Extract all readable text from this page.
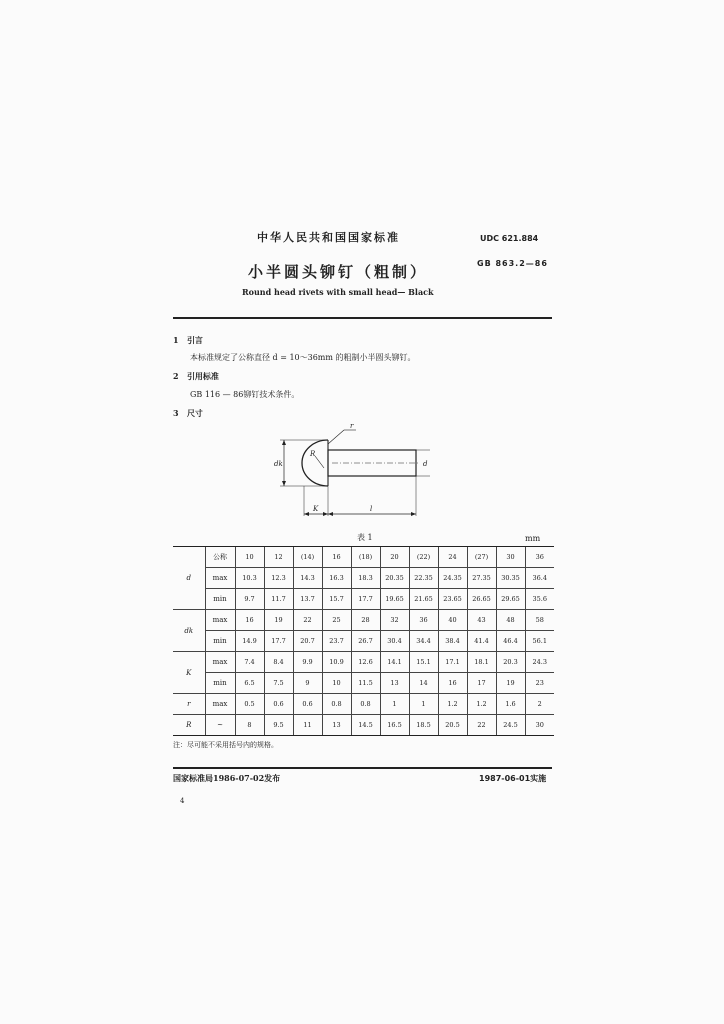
中华人民共和国国家标准	UDC 621.884
GB 863.2—86
小半圆头铆钉（粗制）
Round head rivets with small head— Black
1 引言
本标准规定了公称直径 d = 10～36mm 的粗制小半圆头铆钉。
2 引用标准
GB 116 — 86铆钉技术条件。
3 尺寸
r
R
dk	d
K	l
表 1	mm
d	公称	10	12	(14)	16	(18)	20	(22)	24	(27)	30	36
	max	10.3	12.3	14.3	16.3	18.3	20.35	22.35	24.35	27.35	30.35	36.4
	min	9.7	11.7	13.7	15.7	17.7	19.65	21.65	23.65	26.65	29.65	35.6
dk	max	16	19	22	25	28	32	36	40	43	48	58
	min	14.9	17.7	20.7	23.7	26.7	30.4	34.4	38.4	41.4	46.4	56.1
K	max	7.4	8.4	9.9	10.9	12.6	14.1	15.1	17.1	18.1	20.3	24.3
	min	6.5	7.5	9	10	11.5	13	14	16	17	19	23
r	max	0.5	0.6	0.6	0.8	0.8	1	1	1.2	1.2	1.6	2
R	~	8	9.5	11	13	14.5	16.5	18.5	20.5	22	24.5	30
注：尽可能不采用括号内的规格。
国家标准局1986-07-02发布	1987-06-01实施
4
